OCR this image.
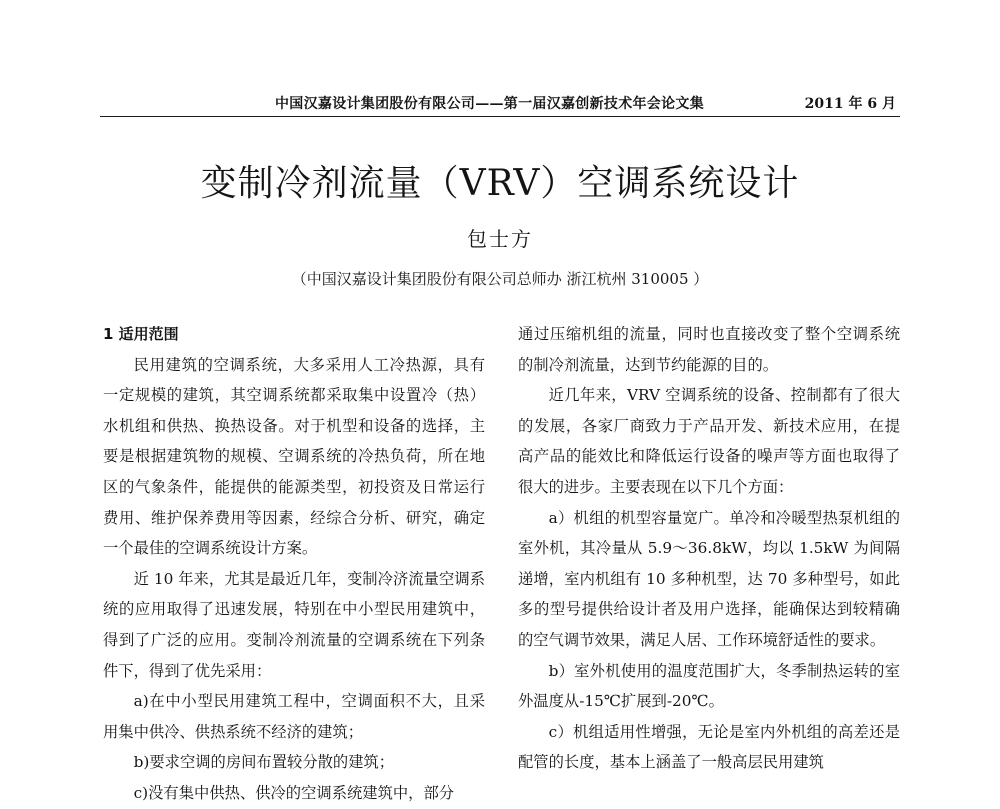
中国汉嘉设计集团股份有限公司——第一届汉嘉创新技术年会论文集	2011 年 6 月
变制冷剂流量（VRV）空调系统设计
包士方
（中国汉嘉设计集团股份有限公司总师办 浙江杭州 310005 ）
1 适用范围

民用建筑的空调系统，大多采用人工冷热源，具有一定规模的建筑，其空调系统都采取集中设置冷（热）水机组和供热、换热设备。对于机型和设备的选择，主要是根据建筑物的规模、空调系统的冷热负荷，所在地区的气象条件，能提供的能源类型，初投资及日常运行费用、维护保养费用等因素，经综合分析、研究，确定一个最佳的空调系统设计方案。

近 10 年来，尤其是最近几年，变制冷济流量空调系统的应用取得了迅速发展，特别在中小型民用建筑中，得到了广泛的应用。变制冷剂流量的空调系统在下列条件下，得到了优先采用：

a)在中小型民用建筑工程中，空调面积不大，且采用集中供冷、供热系统不经济的建筑；

b)要求空调的房间布置较分散的建筑；

c)没有集中供热、供冷的空调系统建筑中，部分

通过压缩机组的流量，同时也直接改变了整个空调系统的制冷剂流量，达到节约能源的目的。

近几年来，VRV 空调系统的设备、控制都有了很大的发展，各家厂商致力于产品开发、新技术应用，在提高产品的能效比和降低运行设备的噪声等方面也取得了很大的进步。主要表现在以下几个方面：

a）机组的机型容量宽广。单冷和冷暖型热泵机组的室外机，其冷量从 5.9～36.8kW，均以 1.5kW 为间隔递增，室内机组有 10 多种机型，达 70 多种型号，如此多的型号提供给设计者及用户选择，能确保达到较精确的空气调节效果，满足人居、工作环境舒适性的要求。

b）室外机使用的温度范围扩大，冬季制热运转的室外温度从-15℃扩展到-20℃。

c）机组适用性增强，无论是室内外机组的高差还是配管的长度，基本上涵盖了一般高层民用建筑
